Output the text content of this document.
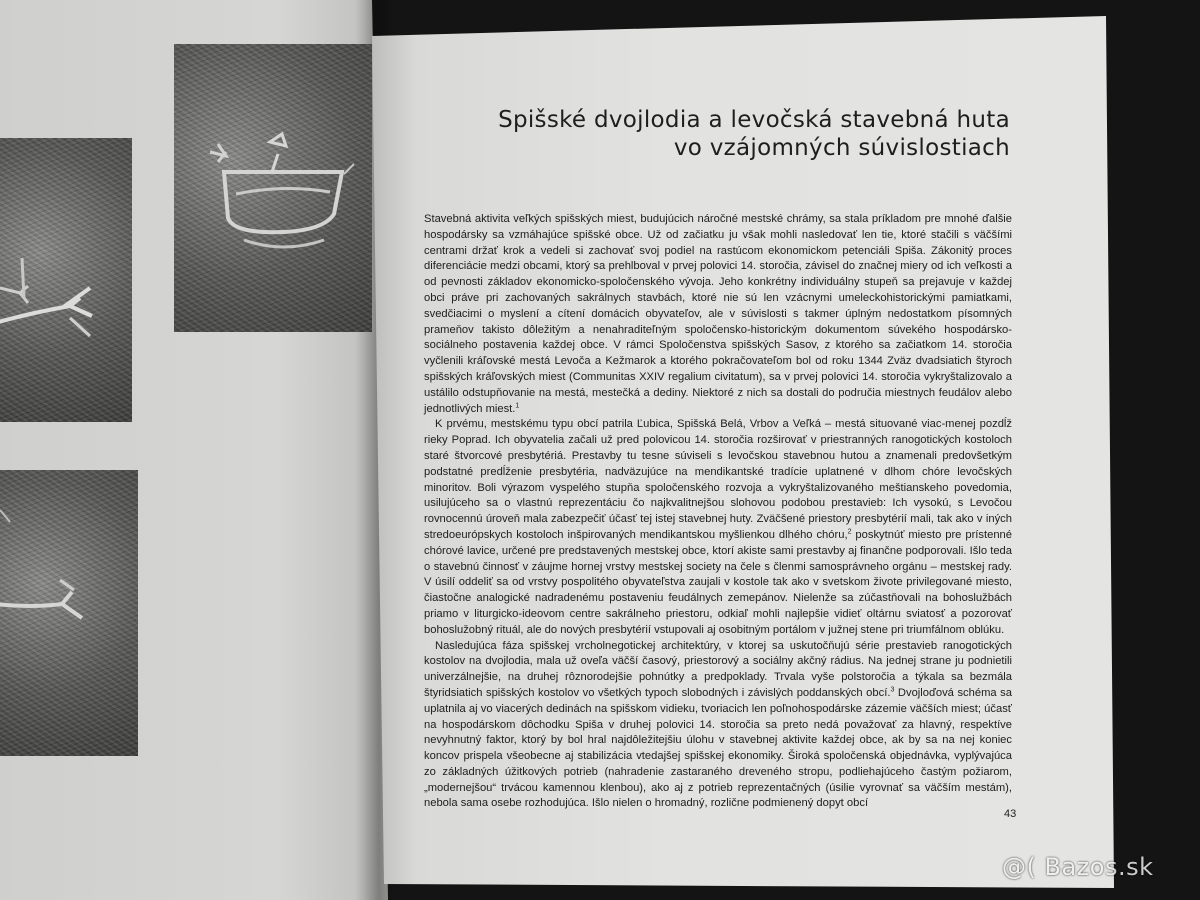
Spišské dvojlodia a levočská stavebná huta
vo vzájomných súvislostiach

Stavebná aktivita veľkých spišských miest, budujúcich náročné mestské chrámy, sa stala príkladom pre mnohé ďalšie hospodársky sa vzmáhajúce spišské obce. Už od začiatku ju však mohli nasledovať len tie, ktoré stačili s väčšími centrami držať krok a vedeli si zachovať svoj podiel na rastúcom ekonomickom petenciáli Spiša. Zákonitý proces diferenciácie medzi obcami, ktorý sa prehlboval v prvej polovici 14. storočia, závisel do značnej miery od ich veľkosti a od pevnosti základov ekonomicko-spoločenského vývoja. Jeho konkrétny individuálny stupeň sa prejavuje v každej obci práve pri zachovaných sakrálnych stavbách, ktoré nie sú len vzácnymi umeleckohistorickými pamiatkami, svedčiacimi o myslení a cítení domácich obyvateľov, ale v súvislosti s takmer úplným nedostatkom písomných prameňov takisto dôležitým a nenahraditeľným spoločensko-historickým dokumentom súvekého hospodársko-sociálneho postavenia každej obce. V rámci Spoločenstva spišských Sasov, z ktorého sa začiatkom 14. storočia vyčlenili kráľovské mestá Levoča a Kežmarok a ktorého pokračovateľom bol od roku 1344 Zväz dvadsiatich štyroch spišských kráľovských miest (Communitas XXIV regalium civitatum), sa v prvej polovici 14. storočia vykryštalizovalo a ustálilo odstupňovanie na mestá, mestečká a dediny. Niektoré z nich sa dostali do područia miestnych feudálov alebo jednotlivých miest.$^1$

K prvému, mestskému typu obcí patrila Ľubica, Spišská Belá, Vrbov a Veľká – mestá situované viac-menej pozdĺž rieky Poprad. Ich obyvatelia začali už pred polovicou 14. storočia rozširovať v priestranných ranogotických kostoloch staré štvorcové presbytériá. Prestavby tu tesne súviseli s levočskou stavebnou hutou a znamenali predovšetkým podstatné predĺženie presbytéria, nadväzujúce na mendikantské tradície uplatnené v dlhom chóre levočských minoritov. Boli výrazom vyspelého stupňa spoločenského rozvoja a vykryštalizovaného meštianskeho povedomia, usilujúceho sa o vlastnú reprezentáciu čo najkvalitnejšou slohovou podobou prestavieb: Ich vysokú, s Levočou rovnocennú úroveň mala zabezpečiť účasť tej istej stavebnej huty. Zväčšené priestory presbytérií mali, tak ako v iných stredoeurópskych kostoloch inšpirovaných mendikantskou myšlienkou dlhého chóru,$^2$ poskytnúť miesto pre prístenné chórové lavice, určené pre predstavených mestskej obce, ktorí akiste sami prestavby aj finančne podporovali. Išlo teda o stavebnú činnosť v záujme hornej vrstvy mestskej society na čele s členmi samosprávneho orgánu – mestskej rady. V úsilí oddeliť sa od vrstvy pospolitého obyvateľstva zaujali v kostole tak ako v svetskom živote privilegované miesto, čiastočne analogické nadradenému postaveniu feudálnych zemepánov. Nielenže sa zúčastňovali na bohoslužbách priamo v liturgicko-ideovom centre sakrálneho priestoru, odkiaľ mohli najlepšie vidieť oltárnu sviatosť a pozorovať bohoslužobný rituál, ale do nových presbytérií vstupovali aj osobitným portálom v južnej stene pri triumfálnom oblúku.

Nasledujúca fáza spišskej vrcholnegotickej architektúry, v ktorej sa uskutočňujú série prestavieb ranogotických kostolov na dvojlodia, mala už oveľa väčší časový, priestorový a sociálny akčný rádius. Na jednej strane ju podnietili univerzálnejšie, na druhej rôznorodejšie pohnútky a predpoklady. Trvala vyše polstoročia a týkala sa bezmála štyridsiatich spišských kostolov vo všetkých typoch slobodných i závislých poddanských obcí.$^3$ Dvojloďová schéma sa uplatnila aj vo viacerých dedinách na spišskom vidieku, tvoriacich len poľnohospodárske zázemie väčších miest; účasť na hospodárskom dôchodku Spiša v druhej polovici 14. storočia sa preto nedá považovať za hlavný, respektíve nevyhnutný faktor, ktorý by bol hral najdôležitejšiu úlohu v stavebnej aktivite každej obce, ak by sa na nej koniec koncov prispela všeobecne aj stabilizácia vtedajšej spišskej ekonomiky. Široká spoločenská objednávka, vyplývajúca zo základných úžitkových potrieb (nahradenie zastaraného dreveného stropu, podliehajúceho častým požiarom, „modernejšou“ trvácou kamennou klenbou), ako aj z potrieb reprezentačných (úsilie vyrovnať sa väčším mestám), nebola sama osebe rozhodujúca. Išlo nielen o hromadný, rozlične podmienený dopyt obcí

43
@( Bazos.sk
